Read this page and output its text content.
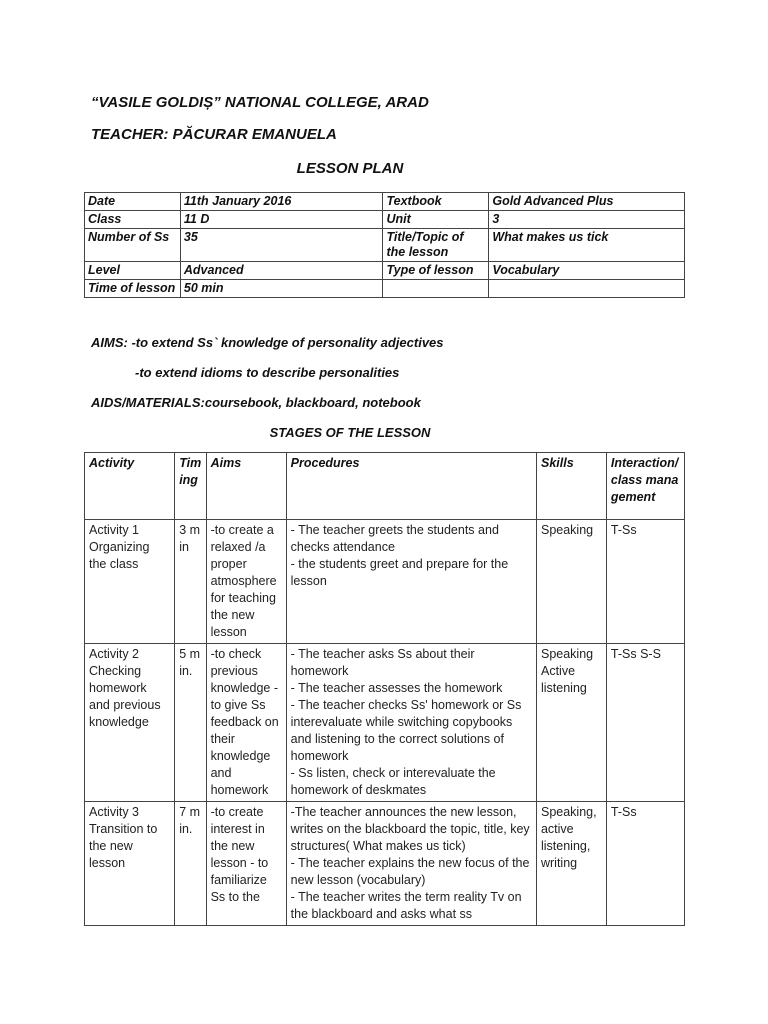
“VASILE GOLDIȘ” NATIONAL COLLEGE, ARAD
TEACHER: PĂCURAR EMANUELA
LESSON PLAN
Date	11th January 2016	Textbook	Gold Advanced Plus
Class	11 D	Unit	3
Number of Ss	35	Title/Topic of the lesson	What makes us tick
Level	Advanced	Type of lesson	Vocabulary
Time of lesson	50 min		
AIMS: -to extend Ss` knowledge of personality adjectives
-to extend idioms to describe personalities
AIDS/MATERIALS:coursebook, blackboard, notebook
STAGES OF THE LESSON
Activity	Timing	Aims	Procedures	Skills	Interaction/class management
Activity 1 Organizing the class	3 min	-to create a relaxed /a proper atmosphere for teaching the new lesson	- The teacher greets the students and checks attendance
- the students greet and prepare for the lesson	Speaking	T-Ss
Activity 2 Checking homework and previous knowledge	5 min.	-to check previous knowledge -to give Ss feedback on their knowledge and homework	- The teacher asks Ss about their homework
- The teacher assesses the homework
- The teacher checks Ss' homework or Ss interevaluate while switching copybooks and listening to the correct solutions of homework
- Ss listen, check or interevaluate the homework of deskmates	Speaking Active listening	T-Ss S-S
Activity 3 Transition to the new lesson	7 min.	-to create interest in the new lesson - to familiarize Ss to the	-The teacher announces the new lesson, writes on the blackboard the topic, title, key structures( What makes us tick)
- The teacher explains the new focus of the new lesson (vocabulary)
- The teacher writes the term reality Tv on the blackboard and asks what ss	Speaking, active listening, writing	T-Ss
